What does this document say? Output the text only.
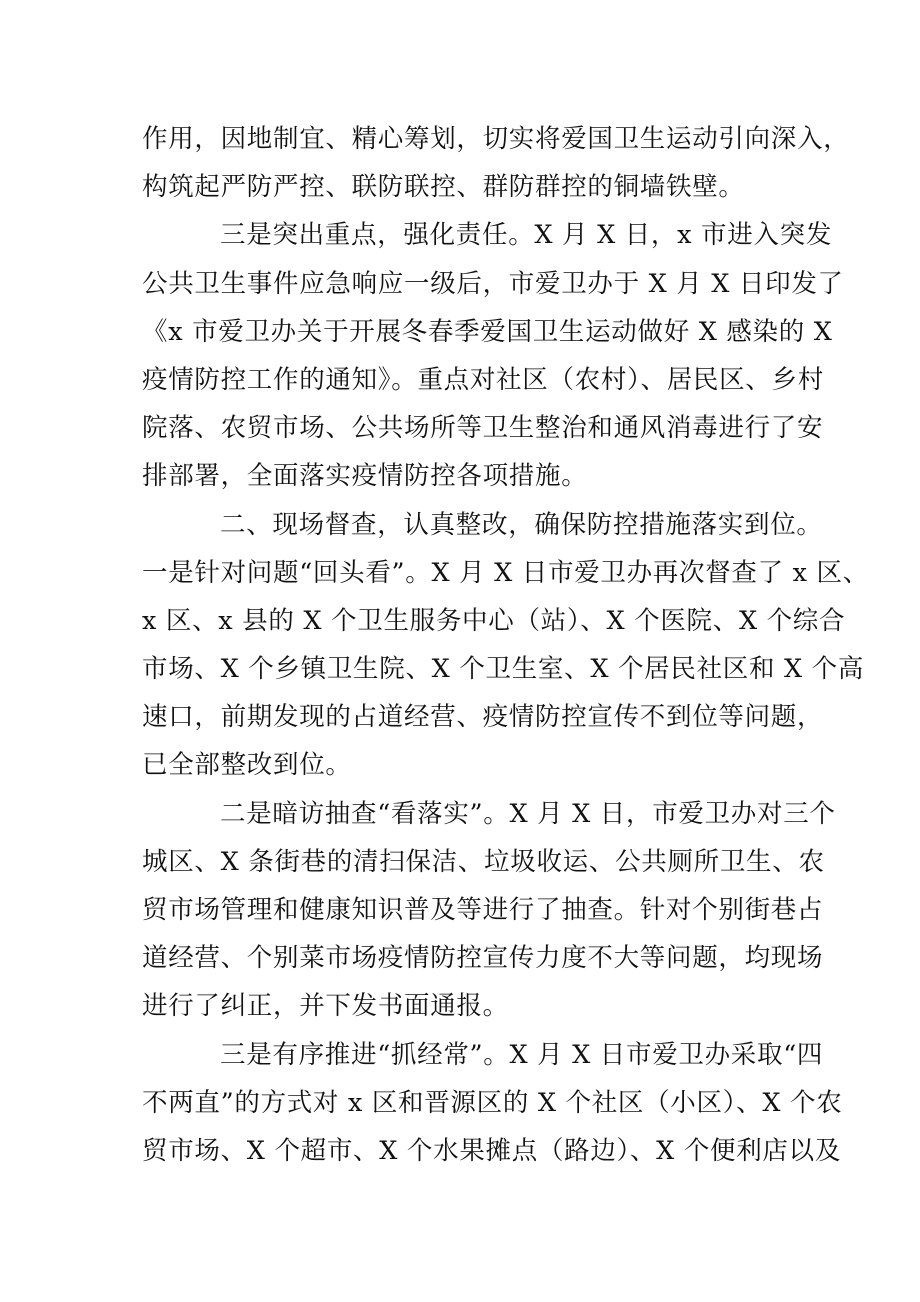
作用，因地制宜、精心筹划，切实将爱国卫生运动引向深入，
构筑起严防严控、联防联控、群防群控的铜墙铁壁。
三是突出重点，强化责任。X 月 X 日，x 市进入突发
公共卫生事件应急响应一级后，市爱卫办于 X 月 X 日印发了
《x 市爱卫办关于开展冬春季爱国卫生运动做好 X 感染的 X
疫情防控工作的通知》。重点对社区（农村）、居民区、乡村
院落、农贸市场、公共场所等卫生整治和通风消毒进行了安
排部署，全面落实疫情防控各项措施。
二、现场督查，认真整改，确保防控措施落实到位。
一是针对问题“回头看”。X 月 X 日市爱卫办再次督查了 x 区、
x 区、x 县的 X 个卫生服务中心（站）、X 个医院、X 个综合
市场、X 个乡镇卫生院、X 个卫生室、X 个居民社区和 X 个高
速口，前期发现的占道经营、疫情防控宣传不到位等问题，
已全部整改到位。
二是暗访抽查“看落实”。X 月 X 日，市爱卫办对三个
城区、X 条街巷的清扫保洁、垃圾收运、公共厕所卫生、农
贸市场管理和健康知识普及等进行了抽查。针对个别街巷占
道经营、个别菜市场疫情防控宣传力度不大等问题，均现场
进行了纠正，并下发书面通报。
三是有序推进“抓经常”。X 月 X 日市爱卫办采取“四
不两直”的方式对 x 区和晋源区的 X 个社区（小区）、X 个农
贸市场、X 个超市、X 个水果摊点（路边）、X 个便利店以及
